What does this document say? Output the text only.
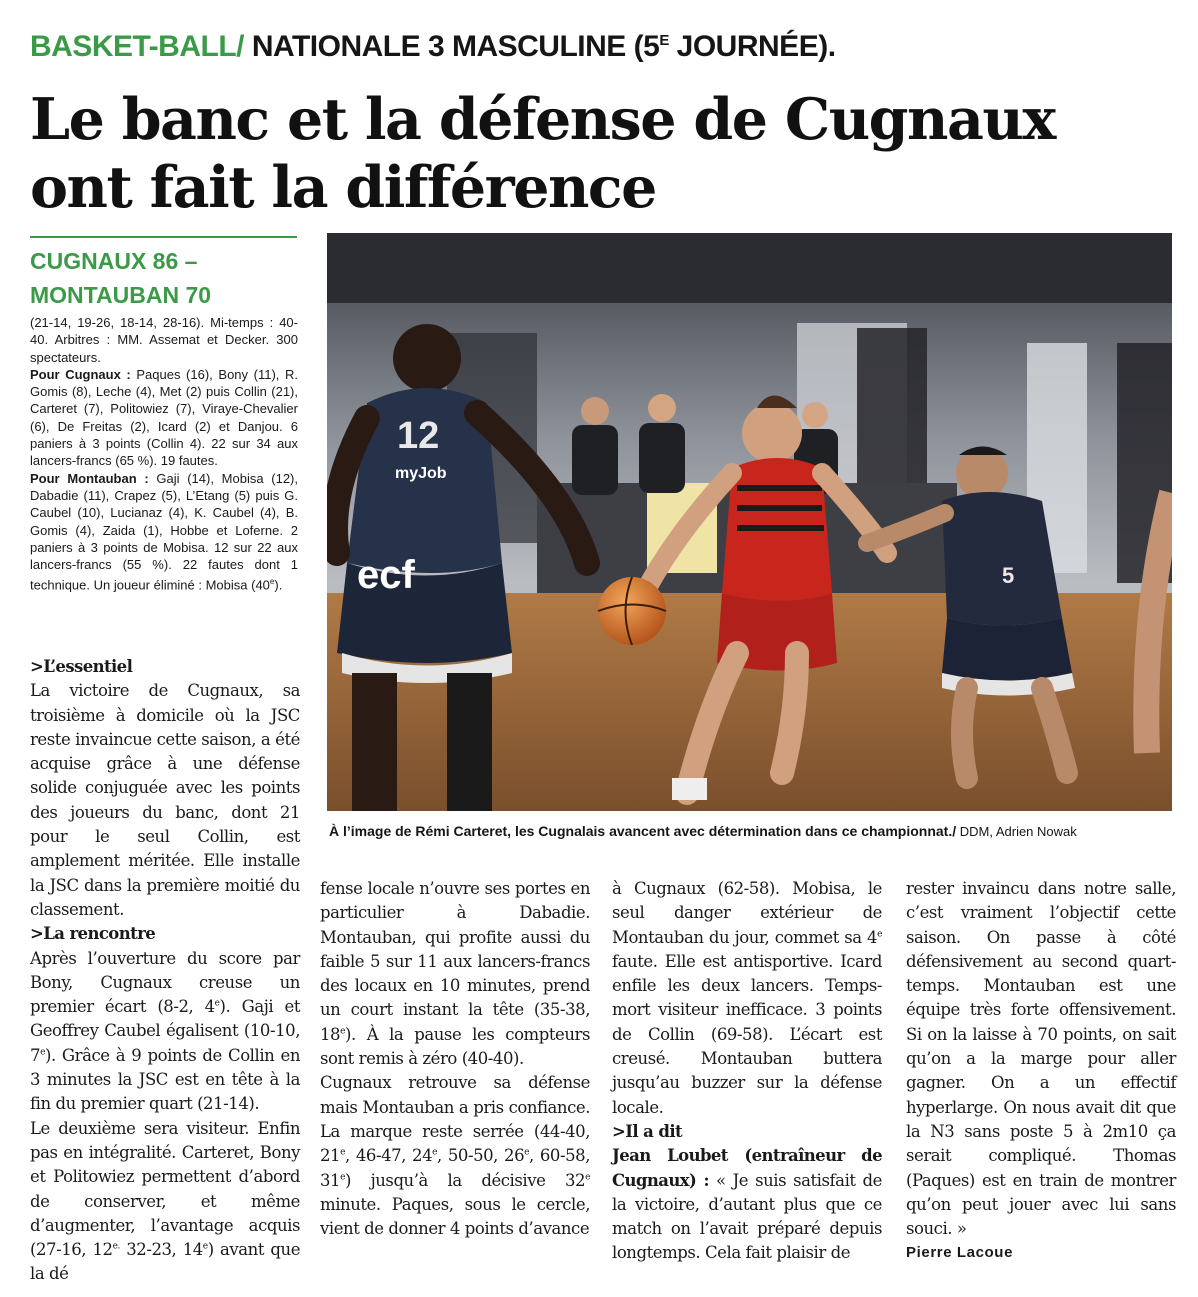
BASKET-BALL/ NATIONALE 3 MASCULINE ($5^E$ JOURNÉE).
Le banc et la défense de Cugnaux ont fait la différence
CUGNAUX 86 –
MONTAUBAN 70
(21-14, 19-26, 18-14, 28-16). Mi-temps : 40-40. Arbitres : MM. Assemat et Decker. 300 spectateurs.
Pour Cugnaux : Paques (16), Bony (11), R. Gomis (8), Leche (4), Met (2) puis Collin (21), Carteret (7), Politowiez (7), Viraye-Chevalier (6), De Freitas (2), Icard (2) et Danjou. 6 paniers à 3 points (Collin 4). 22 sur 34 aux lancers-francs (65 %). 19 fautes.
Pour Montauban : Gaji (14), Mobisa (12), Dabadie (11), Crapez (5), L’Etang (5) puis G. Caubel (10), Lucianaz (4), K. Caubel (4), B. Gomis (4), Zaida (1), Hobbe et Loferne. 2 paniers à 3 points de Mobisa. 12 sur 22 aux lancers-francs (55 %). 22 fautes dont 1 technique. Un joueur éliminé : Mobisa (40e).
12
myJob
ecf	5
À l’image de Rémi Carteret, les Cugnalais avancent avec détermination dans ce championnat./ DDM, Adrien Nowak

>L’essentiel

La victoire de Cugnaux, sa troisième à domicile où la JSC reste invaincue cette saison, a été acquise grâce à une défense solide conjuguée avec les points des joueurs du banc, dont 21 pour le seul Collin, est amplement méritée. Elle installe la JSC dans la première moitié du classement.

>La rencontre

Après l’ouverture du score par Bony, Cugnaux creuse un premier écart (8-2, 4e). Gaji et Geoffrey Caubel égalisent (10-10, 7e). Grâce à 9 points de Collin en 3 minutes la JSC est en tête à la fin du premier quart (21-14).

Le deuxième sera visiteur. Enfin pas en intégralité. Carteret, Bony et Politowiez permettent d’abord de conserver, et même d’augmenter, l’avantage acquis (27-16, $12^{e.}$ 32-23, 14e) avant que la dé

fense locale n’ouvre ses portes en particulier à Dabadie. Montauban, qui profite aussi du faible 5 sur 11 aux lancers-francs des locaux en 10 minutes, prend un court instant la tête (35-38, 18e). À la pause les compteurs sont remis à zéro (40-40).

Cugnaux retrouve sa défense mais Montauban a pris confiance. La marque reste serrée (44-40, 21e, 46-47, 24e, 50-50, 26e, 60-58, 31e) jusqu’à la décisive 32e minute. Paques, sous le cercle, vient de donner 4 points d’avance

à Cugnaux (62-58). Mobisa, le seul danger extérieur de Montauban du jour, commet sa 4e faute. Elle est antisportive. Icard enfile les deux lancers. Temps-mort visiteur inefficace. 3 points de Collin (69-58). L’écart est creusé. Montauban buttera jusqu’au buzzer sur la défense locale.

>Il a dit

Jean Loubet (entraîneur de Cugnaux) : « Je suis satisfait de la victoire, d’autant plus que ce match on l’avait préparé depuis longtemps. Cela fait plaisir de

rester invaincu dans notre salle, c’est vraiment l’objectif cette saison. On passe à côté défensivement au second quart-temps. Montauban est une équipe très forte offensivement. Si on la laisse à 70 points, on sait qu’on a la marge pour aller gagner. On a un effectif hyperlarge. On nous avait dit que la N3 sans poste 5 à 2m10 ça serait compliqué. Thomas (Paques) est en train de montrer qu’on peut jouer avec lui sans souci. »

Pierre Lacoue
